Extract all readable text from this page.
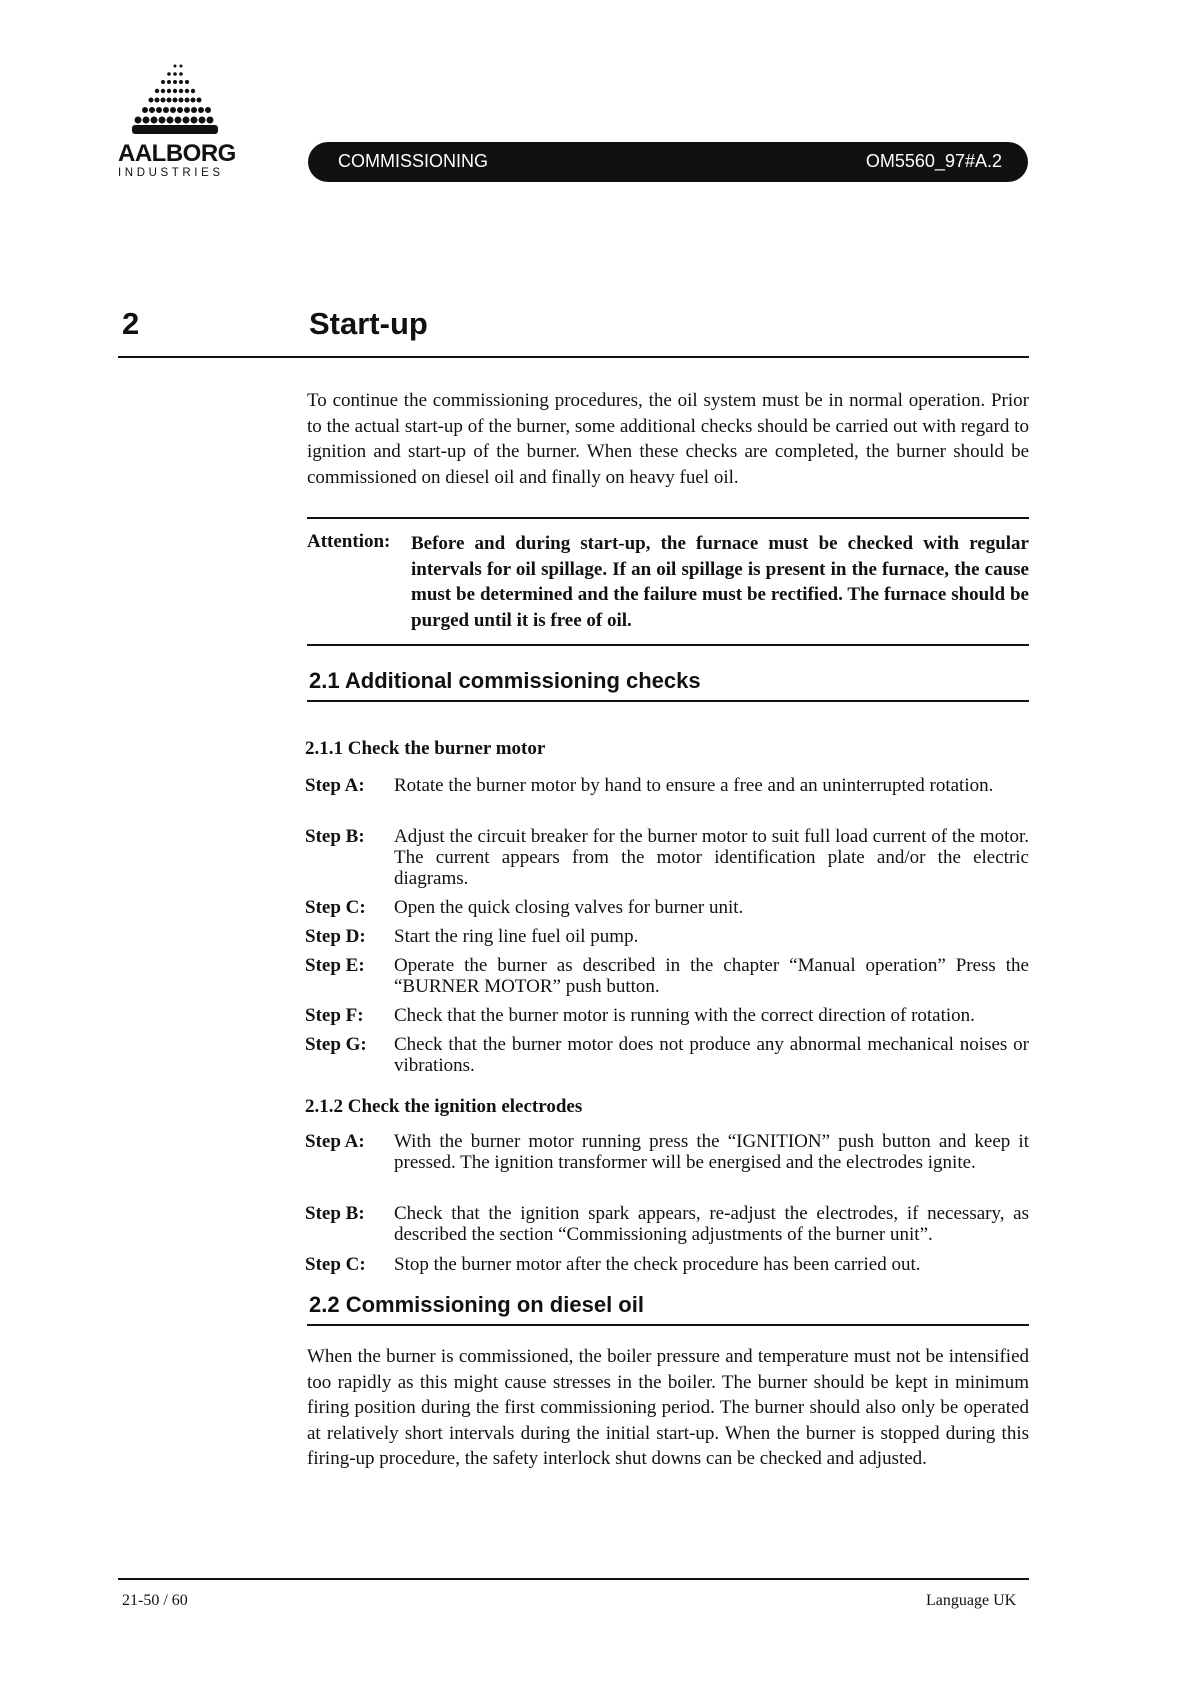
AALBORG
INDUSTRIES
COMMISSIONING	OM5560_97#A.2
2	Start-up
To continue the commissioning procedures, the oil system must be in normal operation. Prior to the actual start-up of the burner, some additional checks should be carried out with regard to ignition and start-up of the burner. When these checks are completed, the burner should be commissioned on diesel oil and finally on heavy fuel oil.
Attention: Before and during start-up, the furnace must be checked with regular intervals for oil spillage. If an oil spillage is present in the furnace, the cause must be determined and the failure must be rectified. The furnace should be purged until it is free of oil.
2.1 Additional commissioning checks
2.1.1 Check the burner motor
Step A:	Rotate the burner motor by hand to ensure a free and an uninterrupted rotation.
Step B:	Adjust the circuit breaker for the burner motor to suit full load current of the motor. The current appears from the motor identification plate and/or the electric diagrams.
Step C:	Open the quick closing valves for burner unit.
Step D:	Start the ring line fuel oil pump.
Step E:	Operate the burner as described in the chapter “Manual operation” Press the “BURNER MOTOR” push button.
Step F:	Check that the burner motor is running with the correct direction of rotation.
Step G:	Check that the burner motor does not produce any abnormal mechanical noises or vibrations.
2.1.2 Check the ignition electrodes
Step A:	With the burner motor running press the “IGNITION” push button and keep it pressed. The ignition transformer will be energised and the electrodes ignite.
Step B:	Check that the ignition spark appears, re-adjust the electrodes, if necessary, as described the section “Commissioning adjustments of the burner unit”.
Step C:	Stop the burner motor after the check procedure has been carried out.
2.2 Commissioning on diesel oil
When the burner is commissioned, the boiler pressure and temperature must not be intensified too rapidly as this might cause stresses in the boiler. The burner should be kept in minimum firing position during the first commissioning period. The burner should also only be operated at relatively short intervals during the initial start-up. When the burner is stopped during this firing-up procedure, the safety interlock shut downs can be checked and adjusted.
21-50 / 60	Language UK
